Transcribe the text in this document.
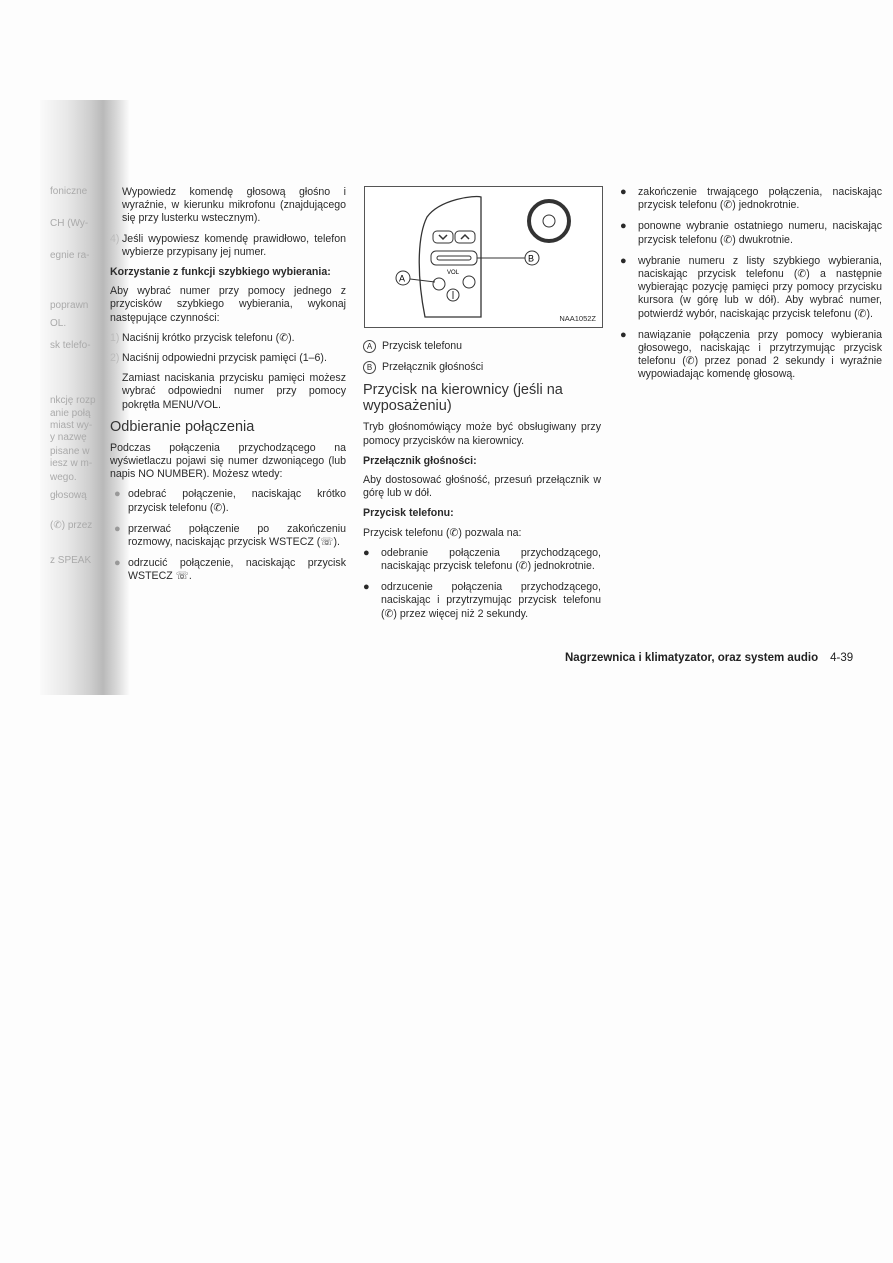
foniczne
CH (Wy-
egnie ra-
poprawn
OL.
sk telefo-
nkcję rozp
anie połą
miast wy-
y nazwę
pisane w
iesz w m-
wego.
głosową
(✆) przez
z SPEAK

Wypowiedz komendę głosową głośno i wyraźnie, w kierunku mikrofonu (znajdującego się przy lusterku wstecznym).

4) Jeśli wypowiesz komendę prawidłowo, telefon wybierze przypisany jej numer.

Korzystanie z funkcji szybkiego wybierania:

Aby wybrać numer przy pomocy jednego z przycisków szybkiego wybierania, wykonaj następujące czynności:

1) Naciśnij krótko przycisk telefonu (✆).

2) Naciśnij odpowiedni przycisk pamięci (1–6).

Zamiast naciskania przycisku pamięci możesz wybrać odpowiedni numer przy pomocy pokrętła MENU/VOL.

Odbieranie połączenia

Podczas połączenia przychodzącego na wyświetlaczu pojawi się numer dzwoniącego (lub napis NO NUMBER). Możesz wtedy:

● odebrać połączenie, naciskając krótko przycisk telefonu (✆).
● przerwać połączenie po zakończeniu rozmowy, naciskając przycisk WSTECZ (☏).
● odrzucić połączenie, naciskając przycisk WSTECZ ☏.
VOL
B
A
NAA1052Z
A Przycisk telefonu
B Przełącznik głośności
Przycisk na kierownicy (jeśli na wyposażeniu)

Tryb głośnomówiący może być obsługiwany przy pomocy przycisków na kierownicy.

Przełącznik głośności:

Aby dostosować głośność, przesuń przełącznik w górę lub w dół.

Przycisk telefonu:

Przycisk telefonu (✆) pozwala na:

● odebranie połączenia przychodzącego, naciskając przycisk telefonu (✆) jednokrotnie.
● odrzucenie połączenia przychodzącego, naciskając i przytrzymując przycisk telefonu (✆) przez więcej niż 2 sekundy.
● zakończenie trwającego połączenia, naciskając przycisk telefonu (✆) jednokrotnie.
● ponowne wybranie ostatniego numeru, naciskając przycisk telefonu (✆) dwukrotnie.
● wybranie numeru z listy szybkiego wybierania, naciskając przycisk telefonu (✆) a następnie wybierając pozycję pamięci przy pomocy przycisku kursora (w górę lub w dół). Aby wybrać numer, potwierdź wybór, naciskając przycisk telefonu (✆).
● nawiązanie połączenia przy pomocy wybierania głosowego, naciskając i przytrzymując przycisk telefonu (✆) przez ponad 2 sekundy i wyraźnie wypowiadając komendę głosową.
Nagrzewnica i klimatyzator, oraz system audio 4-39
